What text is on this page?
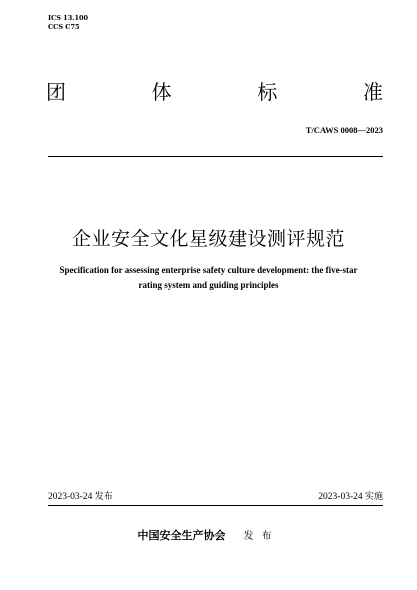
ICS 13.100
CCS C75
团	体	标	准
T/CAWS 0008—2023
企业安全文化星级建设测评规范
Specification for assessing enterprise safety culture development: the five-star
rating system and guiding principles
2023-03-24 发布	2023-03-24 实施
中国安全生产协会 发布
